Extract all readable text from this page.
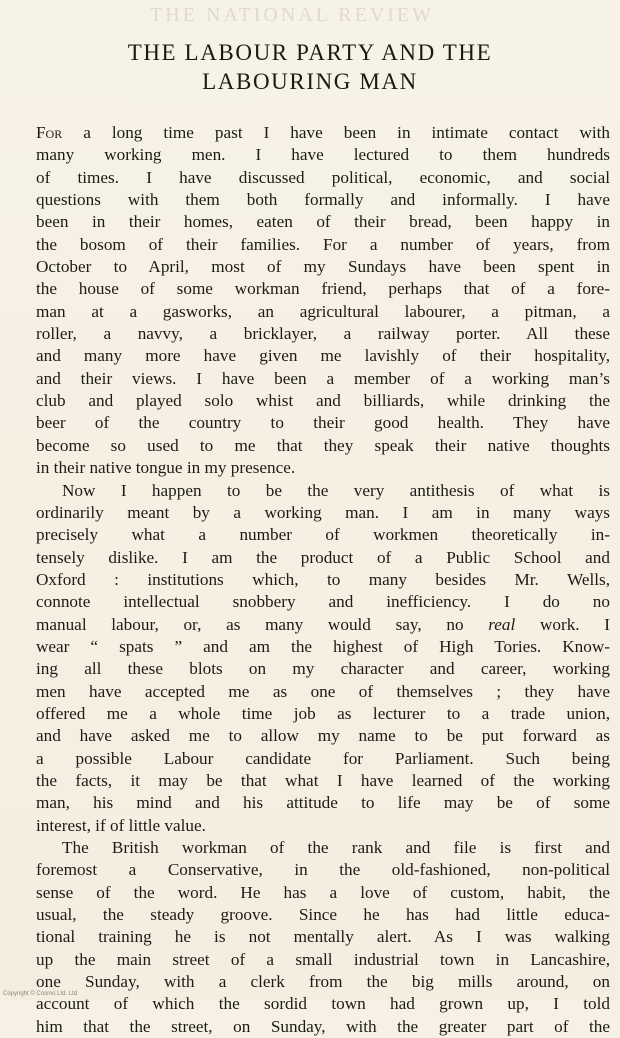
THE NATIONAL REVIEW
THE LABOUR PARTY AND THE
LABOURING MAN
For a long time past I have been in intimate contact with
many working men. I have lectured to them hundreds
of times. I have discussed political, economic, and social
questions with them both formally and informally. I have
been in their homes, eaten of their bread, been happy in
the bosom of their families. For a number of years, from
October to April, most of my Sundays have been spent in
the house of some workman friend, perhaps that of a fore-
man at a gasworks, an agricultural labourer, a pitman, a
roller, a navvy, a bricklayer, a railway porter. All these
and many more have given me lavishly of their hospitality,
and their views. I have been a member of a working man’s
club and played solo whist and billiards, while drinking the
beer of the country to their good health. They have
become so used to me that they speak their native thoughts
in their native tongue in my presence.
Now I happen to be the very antithesis of what is
ordinarily meant by a working man. I am in many ways
precisely what a number of workmen theoretically in-
tensely dislike. I am the product of a Public School and
Oxford : institutions which, to many besides Mr. Wells,
connote intellectual snobbery and inefficiency. I do no
manual labour, or, as many would say, no real work. I
wear “ spats ” and am the highest of High Tories. Know-
ing all these blots on my character and career, working
men have accepted me as one of themselves ; they have
offered me a whole time job as lecturer to a trade union,
and have asked me to allow my name to be put forward as
a possible Labour candidate for Parliament. Such being
the facts, it may be that what I have learned of the working
man, his mind and his attitude to life may be of some
interest, if of little value.
The British workman of the rank and file is first and
foremost a Conservative, in the old-fashioned, non-political
sense of the word. He has a love of custom, habit, the
usual, the steady groove. Since he has had little educa-
tional training he is not mentally alert. As I was walking
up the main street of a small industrial town in Lancashire,
one Sunday, with a clerk from the big mills around, on
account of which the sordid town had grown up, I told
him that the street, on Sunday, with the greater part of the
Copyright © Cosmo Ltd. Ltd
